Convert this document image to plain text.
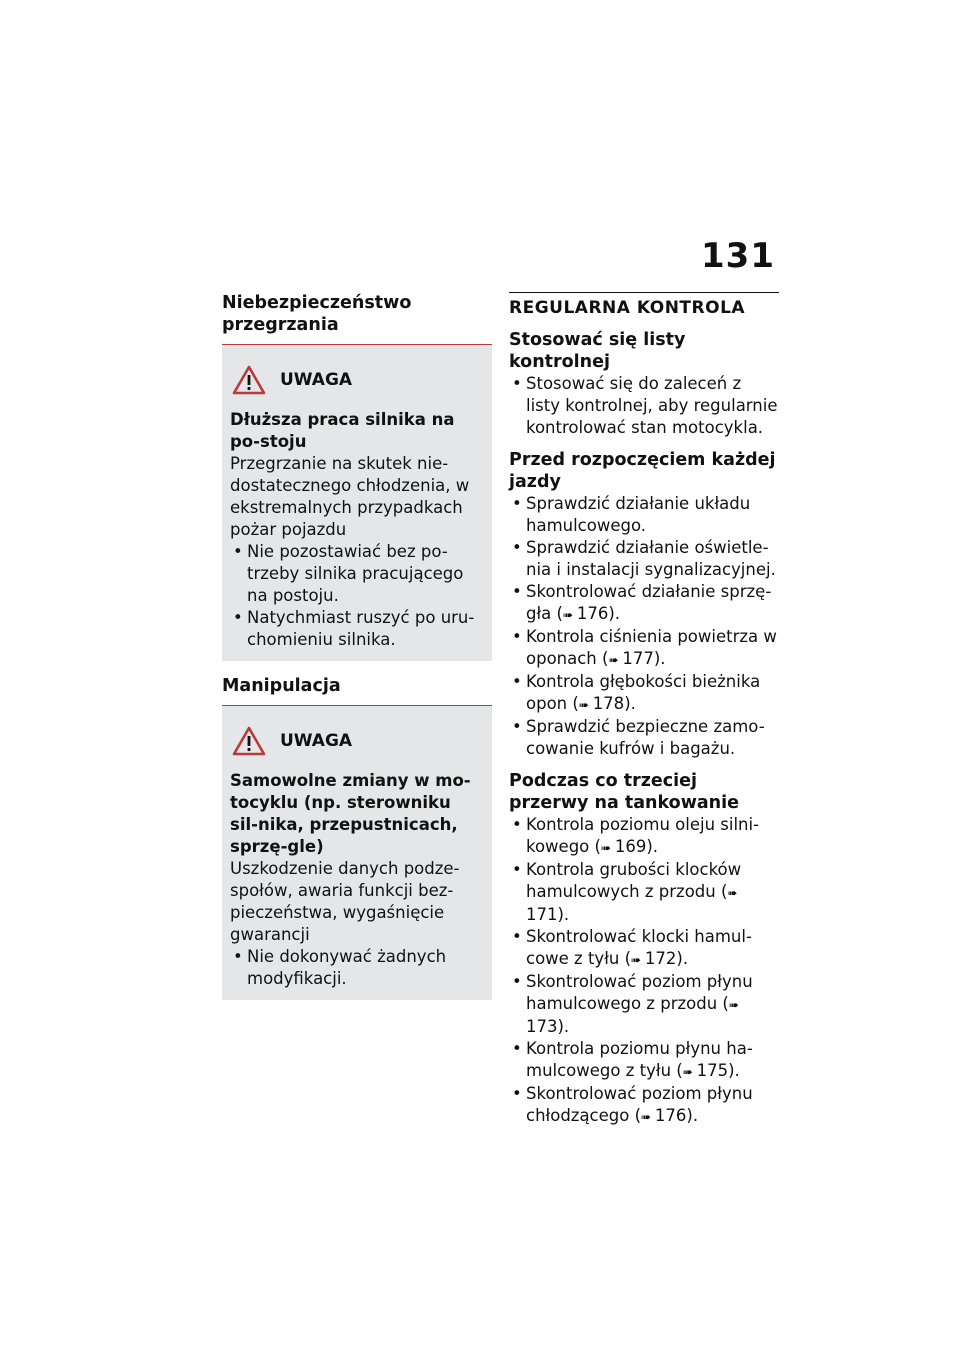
131
Niebezpieczeństwo przegrzania
UWAGA

Dłuższa praca silnika na po-stoju

Przegrzanie na skutek nie-dostatecznego chłodzenia, w ekstremalnych przypadkach pożar pojazdu

• Nie pozostawiać bez po-trzeby silnika pracującego na postoju.
• Natychmiast ruszyć po uru-chomieniu silnika.
Manipulacja
UWAGA

Samowolne zmiany w mo-tocyklu (np. sterowniku sil-nika, przepustnicach, sprzę-gle)

Uszkodzenie danych podze-społów, awaria funkcji bez-pieczeństwa, wygaśnięcie gwarancji

• Nie dokonywać żadnych modyfikacji.
REGULARNA KONTROLA
Stosować się listy kontrolnej
• Stosować się do zaleceń z listy kontrolnej, aby regularnie kontrolować stan motocykla.
Przed rozpoczęciem każdej jazdy
• Sprawdzić działanie układu hamulcowego.
• Sprawdzić działanie oświetle-nia i instalacji sygnalizacyjnej.
• Skontrolować działanie sprzę-gła (➠ 176).
• Kontrola ciśnienia powietrza w oponach (➠ 177).
• Kontrola głębokości bieżnika opon (➠ 178).
• Sprawdzić bezpieczne zamo-cowanie kufrów i bagażu.
Podczas co trzeciej przerwy na tankowanie
• Kontrola poziomu oleju silni-kowego (➠ 169).
• Kontrola grubości klocków hamulcowych z przodu (➠ 171).
• Skontrolować klocki hamul-cowe z tyłu (➠ 172).
• Skontrolować poziom płynu hamulcowego z przodu (➠ 173).
• Kontrola poziomu płynu ha-mulcowego z tyłu (➠ 175).
• Skontrolować poziom płynu chłodzącego (➠ 176).
